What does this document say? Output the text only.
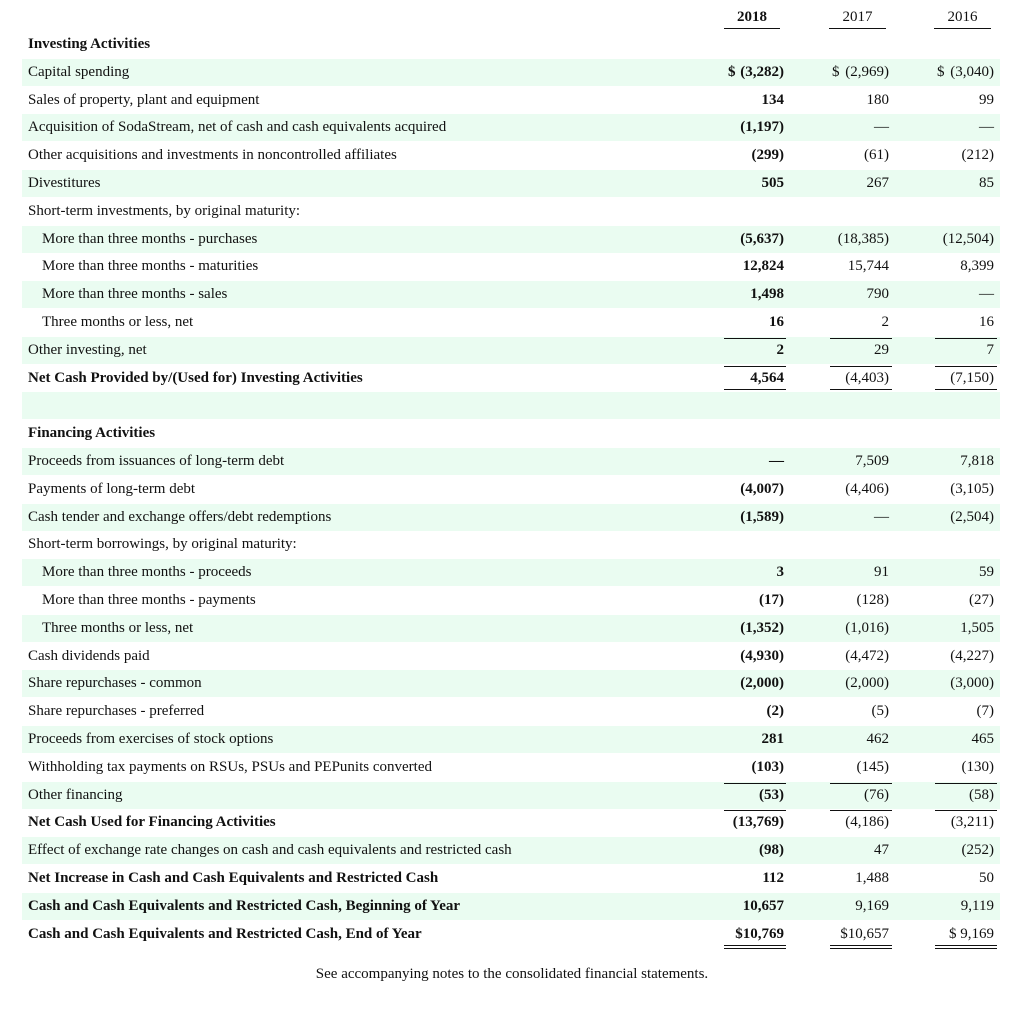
2018	2017	2016
Investing Activities
Capital spending	$ (3,282)	$ (2,969)	$ (3,040)
Sales of property, plant and equipment	134	180	99
Acquisition of SodaStream, net of cash and cash equivalents acquired	(1,197)	—	—
Other acquisitions and investments in noncontrolled affiliates	(299)	(61)	(212)
Divestitures	505	267	85
Short-term investments, by original maturity:
More than three months - purchases	(5,637)	(18,385)	(12,504)
More than three months - maturities	12,824	15,744	8,399
More than three months - sales	1,498	790	—
Three months or less, net	16	2	16
Other investing, net	2	29	7
Net Cash Provided by/(Used for) Investing Activities	4,564	(4,403)	(7,150)
Financing Activities
Proceeds from issuances of long-term debt	—	7,509	7,818
Payments of long-term debt	(4,007)	(4,406)	(3,105)
Cash tender and exchange offers/debt redemptions	(1,589)	—	(2,504)
Short-term borrowings, by original maturity:
More than three months - proceeds	3	91	59
More than three months - payments	(17)	(128)	(27)
Three months or less, net	(1,352)	(1,016)	1,505
Cash dividends paid	(4,930)	(4,472)	(4,227)
Share repurchases - common	(2,000)	(2,000)	(3,000)
Share repurchases - preferred	(2)	(5)	(7)
Proceeds from exercises of stock options	281	462	465
Withholding tax payments on RSUs, PSUs and PEPunits converted	(103)	(145)	(130)
Other financing	(53)	(76)	(58)
Net Cash Used for Financing Activities	(13,769)	(4,186)	(3,211)
Effect of exchange rate changes on cash and cash equivalents and restricted cash	(98)	47	(252)
Net Increase in Cash and Cash Equivalents and Restricted Cash	112	1,488	50
Cash and Cash Equivalents and Restricted Cash, Beginning of Year	10,657	9,169	9,119
Cash and Cash Equivalents and Restricted Cash, End of Year	$10,769	$10,657	$ 9,169
See accompanying notes to the consolidated financial statements.
